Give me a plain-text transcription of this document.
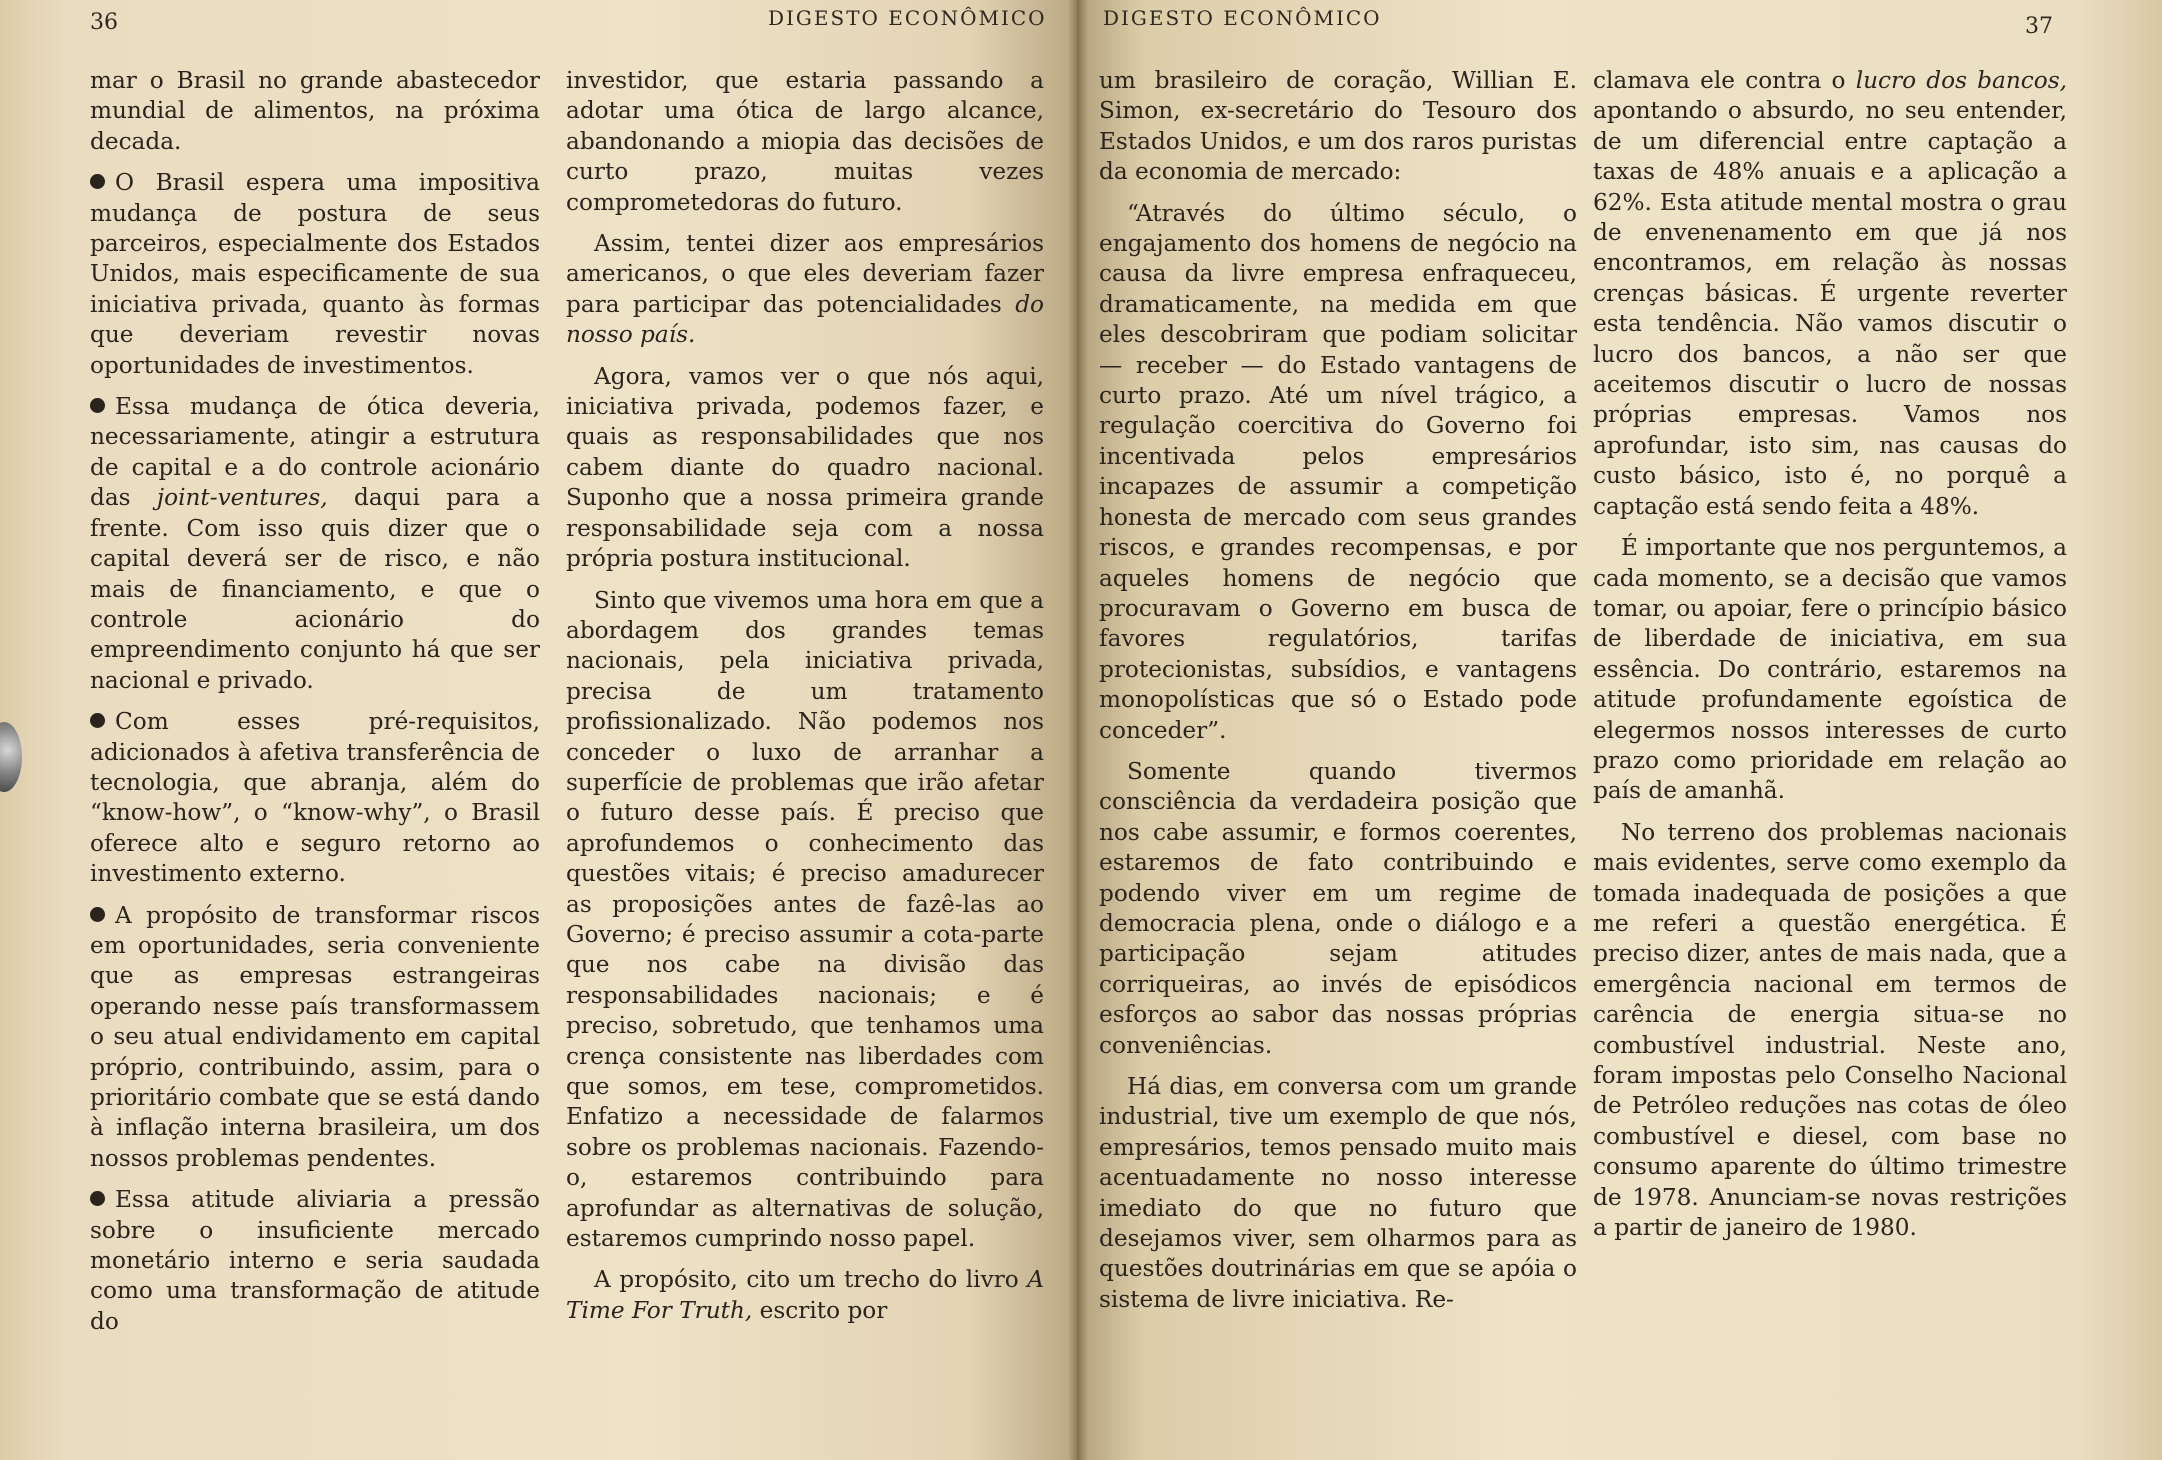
36	DIGESTO ECONÔMICO

mar o Brasil no grande abastecedor mundial de alimentos, na próxima decada.

O Brasil espera uma impositiva mudança de postura de seus parceiros, especialmente dos Estados Unidos, mais especificamente de sua iniciativa privada, quanto às formas que deveriam revestir novas oportunidades de investimentos.

Essa mudança de ótica deveria, necessariamente, atingir a estrutura de capital e a do controle acionário das joint-ventures, daqui para a frente. Com isso quis dizer que o capital deverá ser de risco, e não mais de financiamento, e que o controle acionário do empreendimento conjunto há que ser nacional e privado.

Com esses pré-requisitos, adicionados à afetiva transferência de tecnologia, que abranja, além do “know-how”, o “know-why”, o Brasil oferece alto e seguro retorno ao investimento externo.

A propósito de transformar riscos em oportunidades, seria conveniente que as empresas estrangeiras operando nesse país transformassem o seu atual endividamento em capital próprio, contribuindo, assim, para o prioritário combate que se está dando à inflação interna brasileira, um dos nossos problemas pendentes.

Essa atitude aliviaria a pressão sobre o insuficiente mercado monetário interno e seria saudada como uma transformação de atitude do

investidor, que estaria passando a adotar uma ótica de largo alcance, abandonando a miopia das decisões de curto prazo, muitas vezes comprometedoras do futuro.

Assim, tentei dizer aos empresários americanos, o que eles deveriam fazer para participar das potencialidades do nosso país.

Agora, vamos ver o que nós aqui, iniciativa privada, podemos fazer, e quais as responsabilidades que nos cabem diante do quadro nacional. Suponho que a nossa primeira grande responsabilidade seja com a nossa própria postura institucional.

Sinto que vivemos uma hora em que a abordagem dos grandes temas nacionais, pela iniciativa privada, precisa de um tratamento profissionalizado. Não podemos nos conceder o luxo de arranhar a superfície de problemas que irão afetar o futuro desse país. É preciso que aprofundemos o conhecimento das questões vitais; é preciso amadurecer as proposições antes de fazê-las ao Governo; é preciso assumir a cota-parte que nos cabe na divisão das responsabilidades nacionais; e é preciso, sobretudo, que tenhamos uma crença consistente nas liberdades com que somos, em tese, comprometidos. Enfatizo a necessidade de falarmos sobre os problemas nacionais. Fazendo-o, estaremos contribuindo para aprofundar as alternativas de solução, estaremos cumprindo nosso papel.

A propósito, cito um trecho do livro A Time For Truth, escrito por

DIGESTO ECONÔMICO	37

um brasileiro de coração, Willian E. Simon, ex-secretário do Tesouro dos Estados Unidos, e um dos raros puristas da economia de mercado:

“Através do último século, o engajamento dos homens de negócio na causa da livre empresa enfraqueceu, dramaticamente, na medida em que eles descobriram que podiam solicitar — receber — do Estado vantagens de curto prazo. Até um nível trágico, a regulação coercitiva do Governo foi incentivada pelos empresários incapazes de assumir a competição honesta de mercado com seus grandes riscos, e grandes recompensas, e por aqueles homens de negócio que procuravam o Governo em busca de favores regulatórios, tarifas protecionistas, subsídios, e vantagens monopolísticas que só o Estado pode conceder”.

Somente quando tivermos consciência da verdadeira posição que nos cabe assumir, e formos coerentes, estaremos de fato contribuindo e podendo viver em um regime de democracia plena, onde o diálogo e a participação sejam atitudes corriqueiras, ao invés de episódicos esforços ao sabor das nossas próprias conveniências.

Há dias, em conversa com um grande industrial, tive um exemplo de que nós, empresários, temos pensado muito mais acentuadamente no nosso interesse imediato do que no futuro que desejamos viver, sem olharmos para as questões doutrinárias em que se apóia o sistema de livre iniciativa. Re-

clamava ele contra o lucro dos bancos, apontando o absurdo, no seu entender, de um diferencial entre captação a taxas de 48% anuais e a aplicação a 62%. Esta atitude mental mostra o grau de envenenamento em que já nos encontramos, em relação às nossas crenças básicas. É urgente reverter esta tendência. Não vamos discutir o lucro dos bancos, a não ser que aceitemos discutir o lucro de nossas próprias empresas. Vamos nos aprofundar, isto sim, nas causas do custo básico, isto é, no porquê a captação está sendo feita a 48%.

É importante que nos perguntemos, a cada momento, se a decisão que vamos tomar, ou apoiar, fere o princípio básico de liberdade de iniciativa, em sua essência. Do contrário, estaremos na atitude profundamente egoística de elegermos nossos interesses de curto prazo como prioridade em relação ao país de amanhã.

No terreno dos problemas nacionais mais evidentes, serve como exemplo da tomada inadequada de posições a que me referi a questão energética. É preciso dizer, antes de mais nada, que a emergência nacional em termos de carência de energia situa-se no combustível industrial. Neste ano, foram impostas pelo Conselho Nacional de Petróleo reduções nas cotas de óleo combustível e diesel, com base no consumo aparente do último trimestre de 1978. Anunciam-se novas restrições a partir de janeiro de 1980.
